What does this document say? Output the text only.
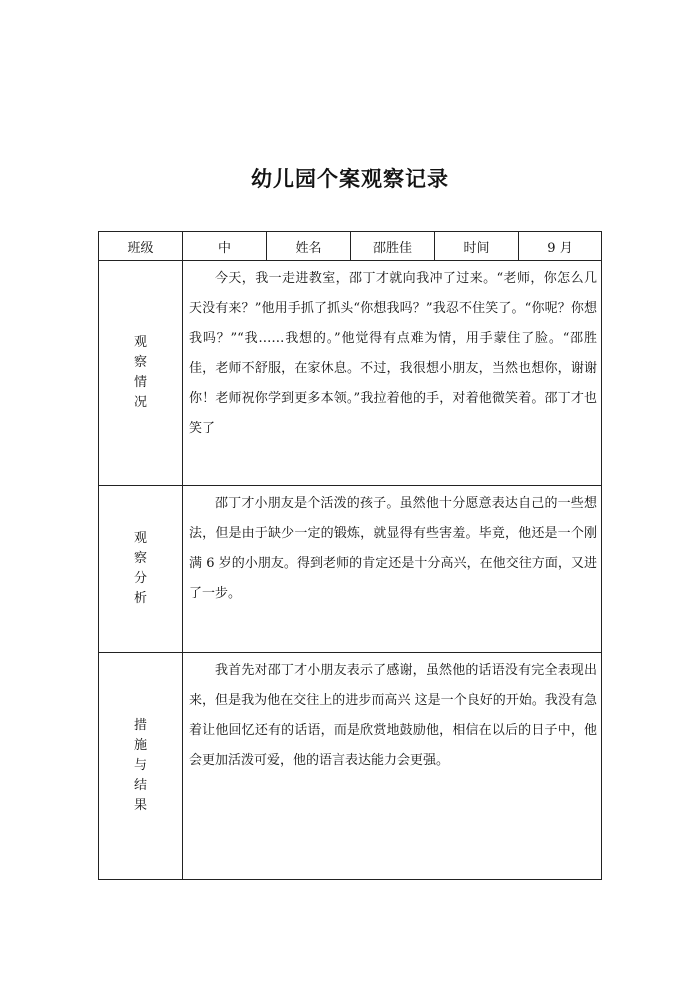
幼儿园个案观察记录
班级	中	姓名	邵胜佳	时间	9 月

观
察
情
况	今天，我一走进教室，邵丁才就向我冲了过来。“老师，你怎么几天没有来？”他用手抓了抓头“你想我吗？”我忍不住笑了。“你呢？你想我吗？”“我……我想的。”他觉得有点难为情，用手蒙住了脸。“邵胜佳，老师不舒服，在家休息。不过，我很想小朋友，当然也想你，谢谢你！老师祝你学到更多本领。”我拉着他的手，对着他微笑着。邵丁才也笑了				

观
察
分
析	邵丁才小朋友是个活泼的孩子。虽然他十分愿意表达自己的一些想法，但是由于缺少一定的锻炼，就显得有些害羞。毕竟，他还是一个刚满 6 岁的小朋友。得到老师的肯定还是十分高兴，在他交往方面，又进了一步。				

措
施
与
结
果	我首先对邵丁才小朋友表示了感谢，虽然他的话语没有完全表现出来，但是我为他在交往上的进步而高兴 这是一个良好的开始。我没有急着让他回忆还有的话语，而是欣赏地鼓励他，相信在以后的日子中，他会更加活泼可爱，他的语言表达能力会更强。				
